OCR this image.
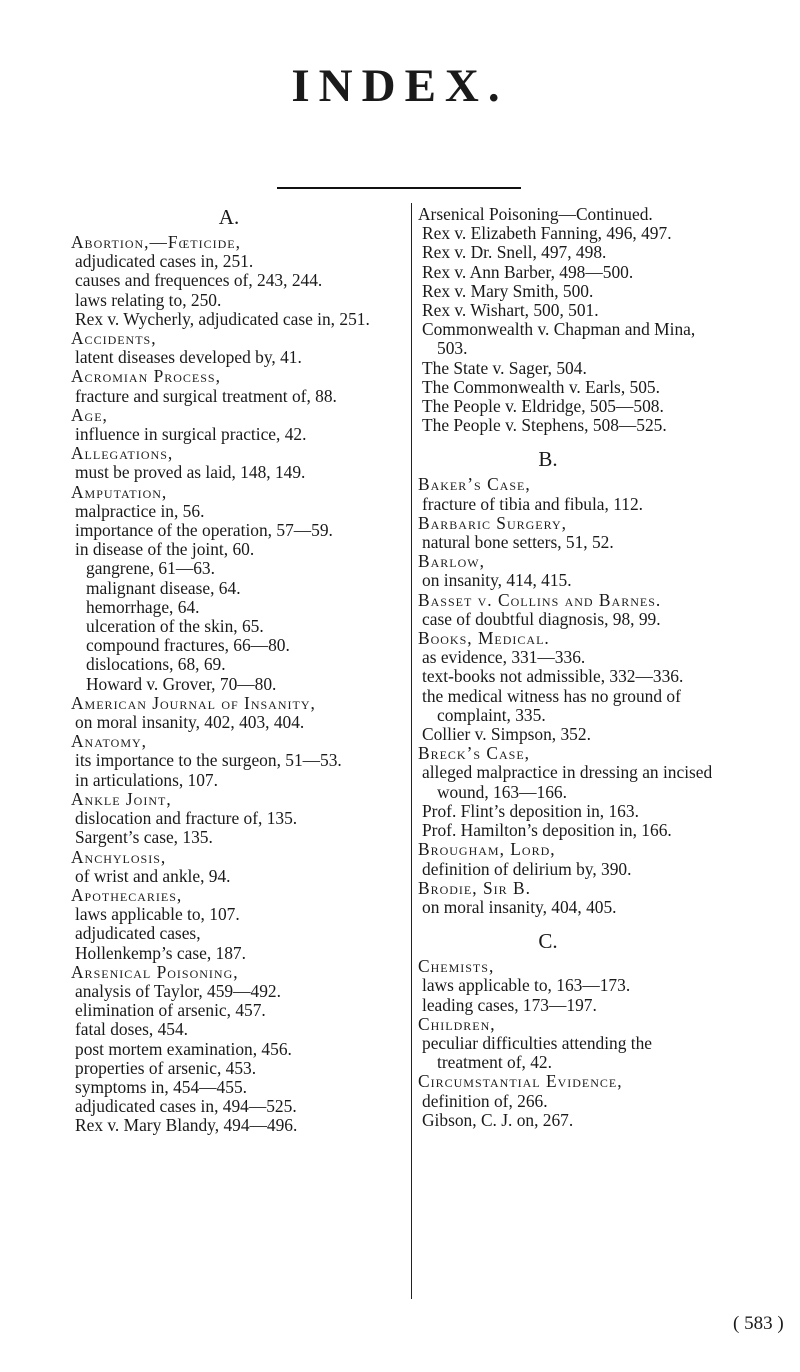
INDEX.
A.
Abortion,—Fœticide,
adjudicated cases in, 251.
causes and frequences of, 243, 244.
laws relating to, 250.
Rex v. Wycherly, adjudicated case in, 251.
Accidents,
latent diseases developed by, 41.
Acromian Process,
fracture and surgical treatment of, 88.
Age,
influence in surgical practice, 42.
Allegations,
must be proved as laid, 148, 149.
Amputation,
malpractice in, 56.
importance of the operation, 57—59.
in disease of the joint, 60.
gangrene, 61—63.
malignant disease, 64.
hemorrhage, 64.
ulceration of the skin, 65.
compound fractures, 66—80.
dislocations, 68, 69.
Howard v. Grover, 70—80.
American Journal of Insanity,
on moral insanity, 402, 403, 404.
Anatomy,
its importance to the surgeon, 51—53.
in articulations, 107.
Ankle Joint,
dislocation and fracture of, 135.
Sargent’s case, 135.
Anchylosis,
of wrist and ankle, 94.
Apothecaries,
laws applicable to, 107.
adjudicated cases,
Hollenkemp’s case, 187.
Arsenical Poisoning,
analysis of Taylor, 459—492.
elimination of arsenic, 457.
fatal doses, 454.
post mortem examination, 456.
properties of arsenic, 453.
symptoms in, 454—455.
adjudicated cases in, 494—525.
Rex v. Mary Blandy, 494—496.
Arsenical Poisoning—Continued.
Rex v. Elizabeth Fanning, 496, 497.
Rex v. Dr. Snell, 497, 498.
Rex v. Ann Barber, 498—500.
Rex v. Mary Smith, 500.
Rex v. Wishart, 500, 501.
Commonwealth v. Chapman and Mina, 503.
The State v. Sager, 504.
The Commonwealth v. Earls, 505.
The People v. Eldridge, 505—508.
The People v. Stephens, 508—525.
B.
Baker’s Case,
fracture of tibia and fibula, 112.
Barbaric Surgery,
natural bone setters, 51, 52.
Barlow,
on insanity, 414, 415.
Basset v. Collins and Barnes.
case of doubtful diagnosis, 98, 99.
Books, Medical.
as evidence, 331—336.
text-books not admissible, 332—336.
the medical witness has no ground of complaint, 335.
Collier v. Simpson, 352.
Breck’s Case,
alleged malpractice in dressing an incised wound, 163—166.
Prof. Flint’s deposition in, 163.
Prof. Hamilton’s deposition in, 166.
Brougham, Lord,
definition of delirium by, 390.
Brodie, Sir B.
on moral insanity, 404, 405.
C.
Chemists,
laws applicable to, 163—173.
leading cases, 173—197.
Children,
peculiar difficulties attending the treatment of, 42.
Circumstantial Evidence,
definition of, 266.
Gibson, C. J. on, 267.
( 583 )
